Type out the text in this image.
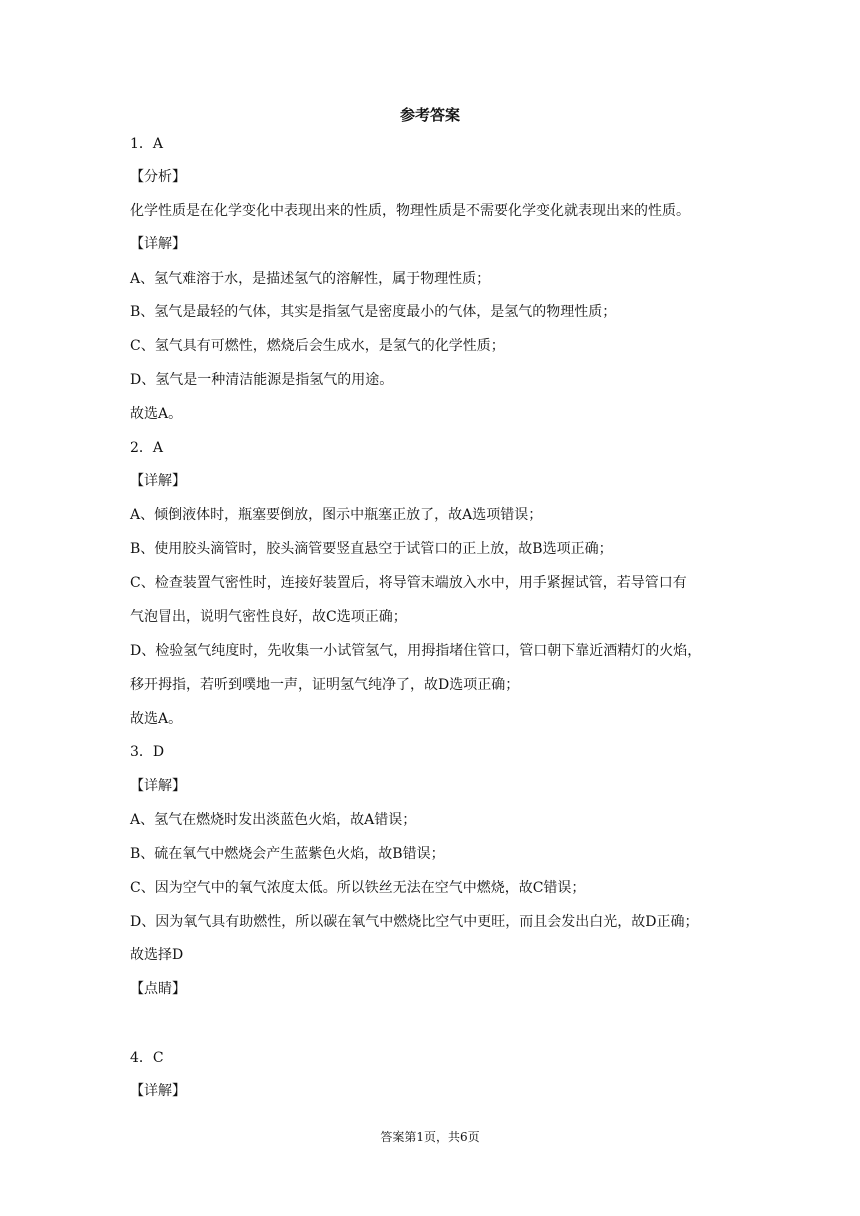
参考答案
1．A
【分析】
化学性质是在化学变化中表现出来的性质，物理性质是不需要化学变化就表现出来的性质。
【详解】
A、氢气难溶于水，是描述氢气的溶解性，属于物理性质；
B、氢气是最轻的气体，其实是指氢气是密度最小的气体，是氢气的物理性质；
C、氢气具有可燃性，燃烧后会生成水，是氢气的化学性质；
D、氢气是一种清洁能源是指氢气的用途。
故选A。
2．A
【详解】
A、倾倒液体时，瓶塞要倒放，图示中瓶塞正放了，故A选项错误；
B、使用胶头滴管时，胶头滴管要竖直悬空于试管口的正上放，故B选项正确；
C、检查装置气密性时，连接好装置后，将导管末端放入水中，用手紧握试管，若导管口有
气泡冒出，说明气密性良好，故C选项正确；
D、检验氢气纯度时，先收集一小试管氢气，用拇指堵住管口，管口朝下靠近酒精灯的火焰，
移开拇指，若听到噗地一声，证明氢气纯净了，故D选项正确；
故选A。
3．D
【详解】
A、氢气在燃烧时发出淡蓝色火焰，故A错误；
B、硫在氧气中燃烧会产生蓝紫色火焰，故B错误；
C、因为空气中的氧气浓度太低。所以铁丝无法在空气中燃烧，故C错误；
D、因为氧气具有助燃性，所以碳在氧气中燃烧比空气中更旺，而且会发出白光，故D正确；
故选择D
【点睛】
4．C
【详解】
答案第1页，共6页
